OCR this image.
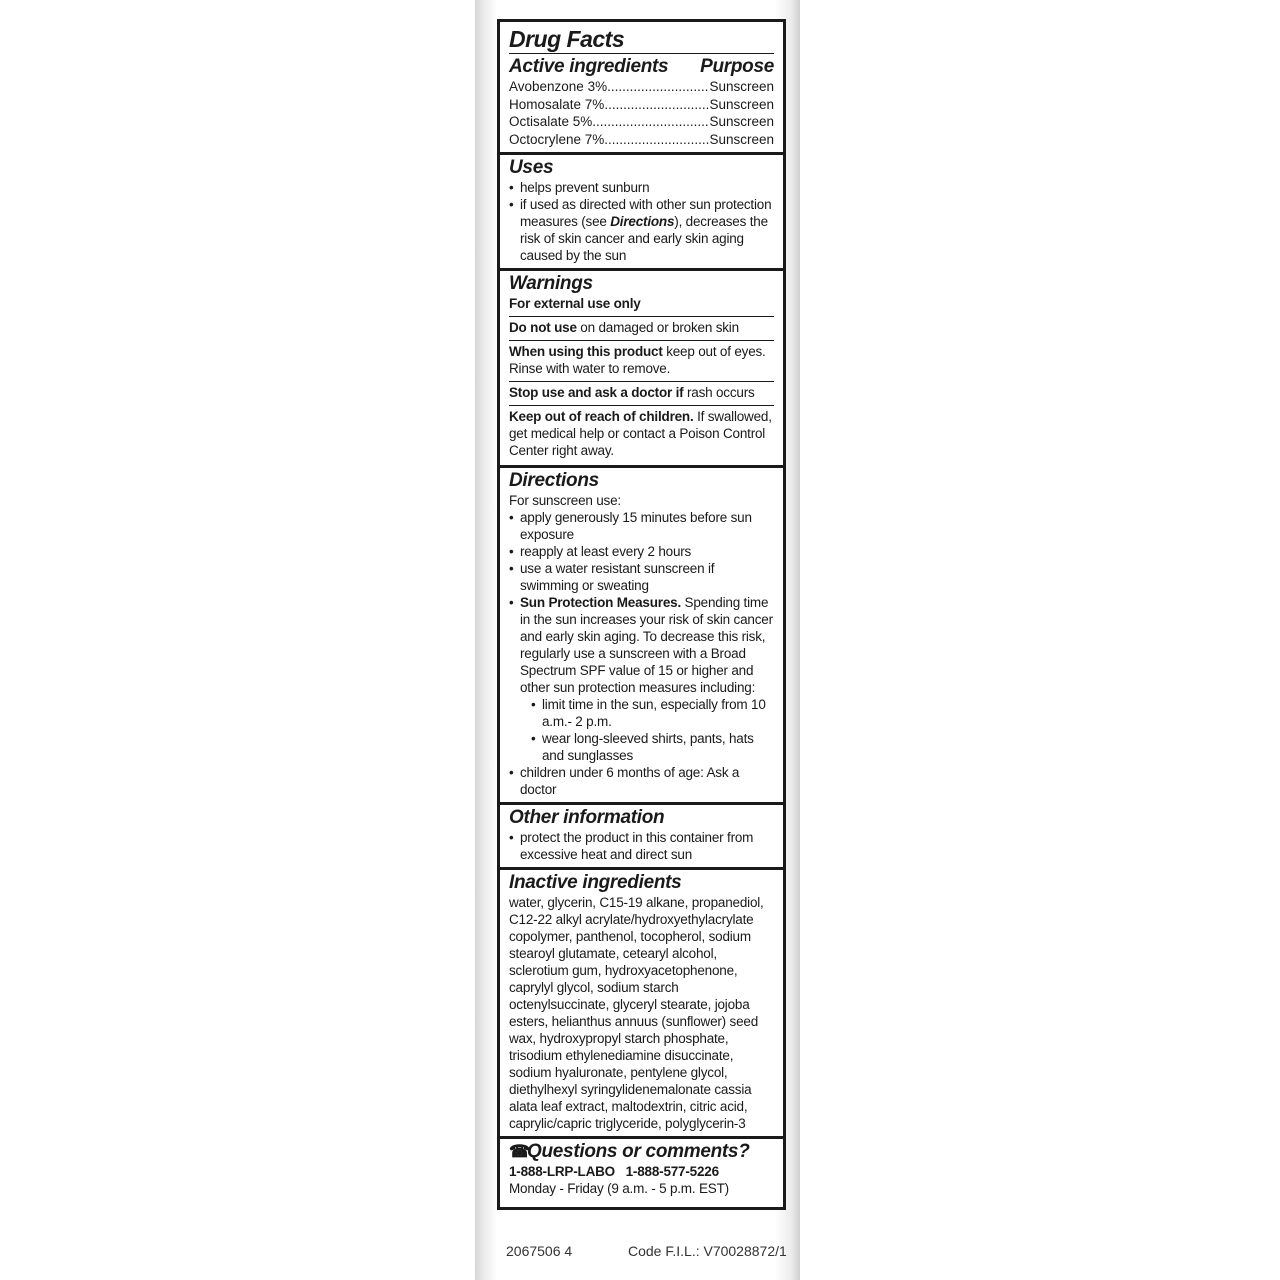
Drug Facts
Active ingredients Purpose
Avobenzone 3% .....	Sunscreen
Homosalate 7% .....	Sunscreen
Octisalate 5% .....	Sunscreen
Octocrylene 7% .....	Sunscreen
Uses
• helps prevent sunburn
• if used as directed with other sun protection measures (see Directions), decreases the risk of skin cancer and early skin aging caused by the sun
Warnings
For external use only
Do not use on damaged or broken skin
When using this product keep out of eyes. Rinse with water to remove.
Stop use and ask a doctor if rash occurs
Keep out of reach of children. If swallowed, get medical help or contact a Poison Control Center right away.
Directions
For sunscreen use:
• apply generously 15 minutes before sun exposure
• reapply at least every 2 hours
• use a water resistant sunscreen if swimming or sweating
• Sun Protection Measures. Spending time in the sun increases your risk of skin cancer and early skin aging. To decrease this risk, regularly use a sunscreen with a Broad Spectrum SPF value of 15 or higher and other sun protection measures including:
• limit time in the sun, especially from 10 a.m.- 2 p.m.
• wear long-sleeved shirts, pants, hats and sunglasses
• children under 6 months of age: Ask a doctor
Other information
• protect the product in this container from excessive heat and direct sun
Inactive ingredients
water, glycerin, C15-19 alkane, propanediol, C12-22 alkyl acrylate/hydroxyethylacrylate copolymer, panthenol, tocopherol, sodium stearoyl glutamate, cetearyl alcohol, sclerotium gum, hydroxyacetophenone, caprylyl glycol, sodium starch octenylsuccinate, glyceryl stearate, jojoba esters, helianthus annuus (sunflower) seed wax, hydroxypropyl starch phosphate, trisodium ethylenediamine disuccinate, sodium hyaluronate, pentylene glycol, diethylhexyl syringylidenemalonate cassia alata leaf extract, maltodextrin, citric acid, caprylic/capric triglyceride, polyglycerin-3
☎Questions or comments?
1-888-LRP-LABO   1-888-577-5226
Monday - Friday (9 a.m. - 5 p.m. EST)
2067506 4	Code F.I.L.: V70028872/1
